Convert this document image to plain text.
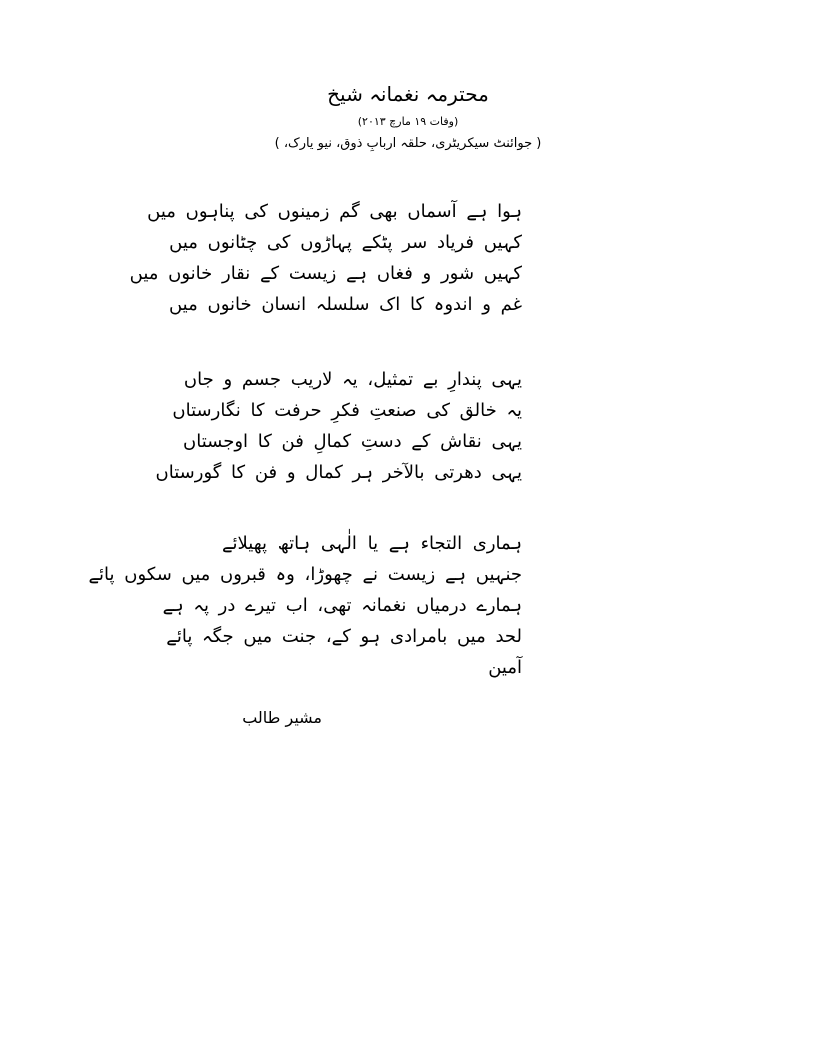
محترمہ نغمانہ شیخ
(وفات ۱۹ مارچ ۲۰۱۳)
( جوائنٹ سیکریٹری، حلقہ اربابِ ذوق، نیو یارک، )
ہوا ہے آسماں بھی گم زمینوں کی پناہوں میں
کہیں فریاد سر پٹکے پہاڑوں کی چٹانوں میں
کہیں شور و فغاں ہے زیست کے نقار خانوں میں
غم و اندوہ کا اک سلسلہ انسان خانوں میں
یہی پندارِ بے تمثیل، یہ لاریب جسم و جاں
یہ خالق کی صنعتِ فکرِ حرفت کا نگارستاں
یہی نقاش کے دستِ کمالِ فن کا اوجستاں
یہی دھرتی بالآخر ہر کمال و فن کا گورستاں
ہماری التجاء ہے یا الٰہی ہاتھ پھیلائے
جنہیں ہے زیست نے چھوڑا، وہ قبروں میں سکوں پائے
ہمارے درمیاں نغمانہ تھی، اب تیرے در پہ ہے
لحد میں بامرادی ہو کے، جنت میں جگہ پائے
آمین
مشیر طالب
